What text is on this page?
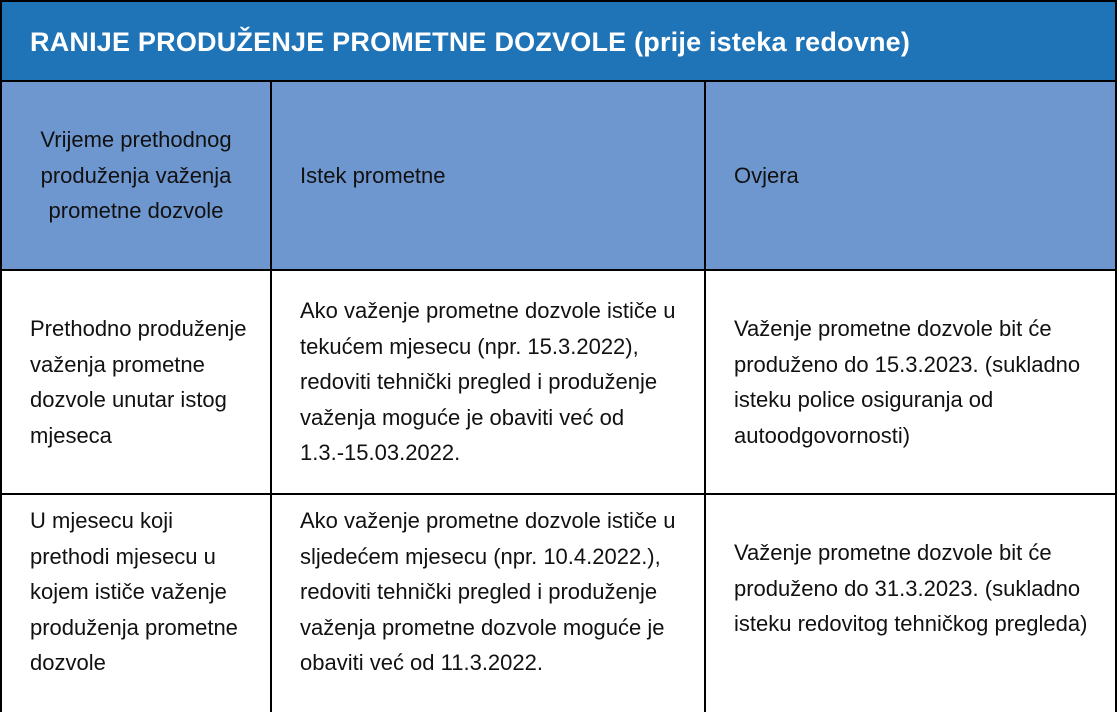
RANIJE PRODUŽENJE PROMETNE DOZVOLE (prije isteka redovne)
Vrijeme prethodnog produženja važenja prometne dozvole	Istek prometne	Ovjera
Prethodno produženje važenja prometne dozvole unutar istog mjeseca	Ako važenje prometne dozvole ističe u tekućem mjesecu (npr. 15.3.2022), redoviti tehnički pregled i produženje važenja moguće je obaviti već od 1.3.-15.03.2022.	Važenje prometne dozvole bit će produženo do 15.3.2023. (sukladno isteku police osiguranja od autoodgovornosti)
U mjesecu koji prethodi mjesecu u kojem ističe važenje produženja prometne dozvole	Ako važenje prometne dozvole ističe u sljedećem mjesecu (npr. 10.4.2022.), redoviti tehnički pregled i produženje važenja prometne dozvole moguće je obaviti već od 11.3.2022.	Važenje prometne dozvole bit će produženo do 31.3.2023. (sukladno isteku redovitog tehničkog pregleda)
